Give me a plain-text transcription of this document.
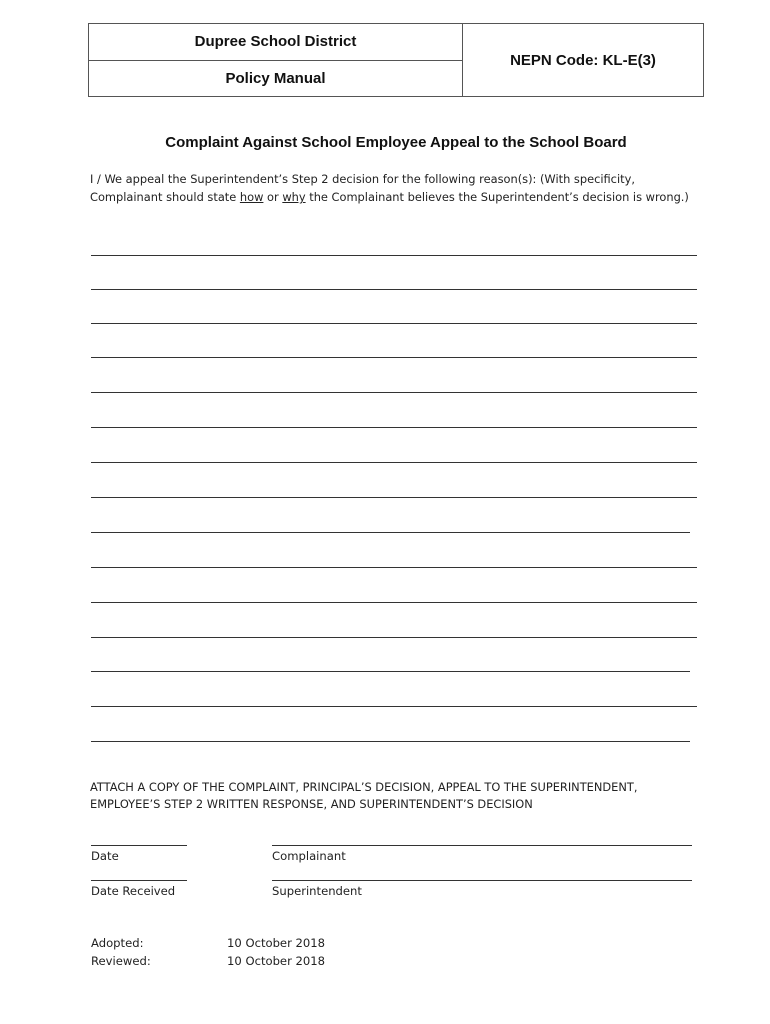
Dupree School District
Policy Manual
NEPN Code: KL-E(3)
Complaint Against School Employee Appeal to the School Board
I / We appeal the Superintendent’s Step 2 decision for the following reason(s): (With specificity,
Complainant should state how or why the Complainant believes the Superintendent’s decision is wrong.)
ATTACH A COPY OF THE COMPLAINT, PRINCIPAL’S DECISION, APPEAL TO THE SUPERINTENDENT,
EMPLOYEE’S STEP 2 WRITTEN RESPONSE, AND SUPERINTENDENT’S DECISION
Date	Complainant
Date Received	Superintendent
Adopted:	10 October 2018
Reviewed:	10 October 2018
